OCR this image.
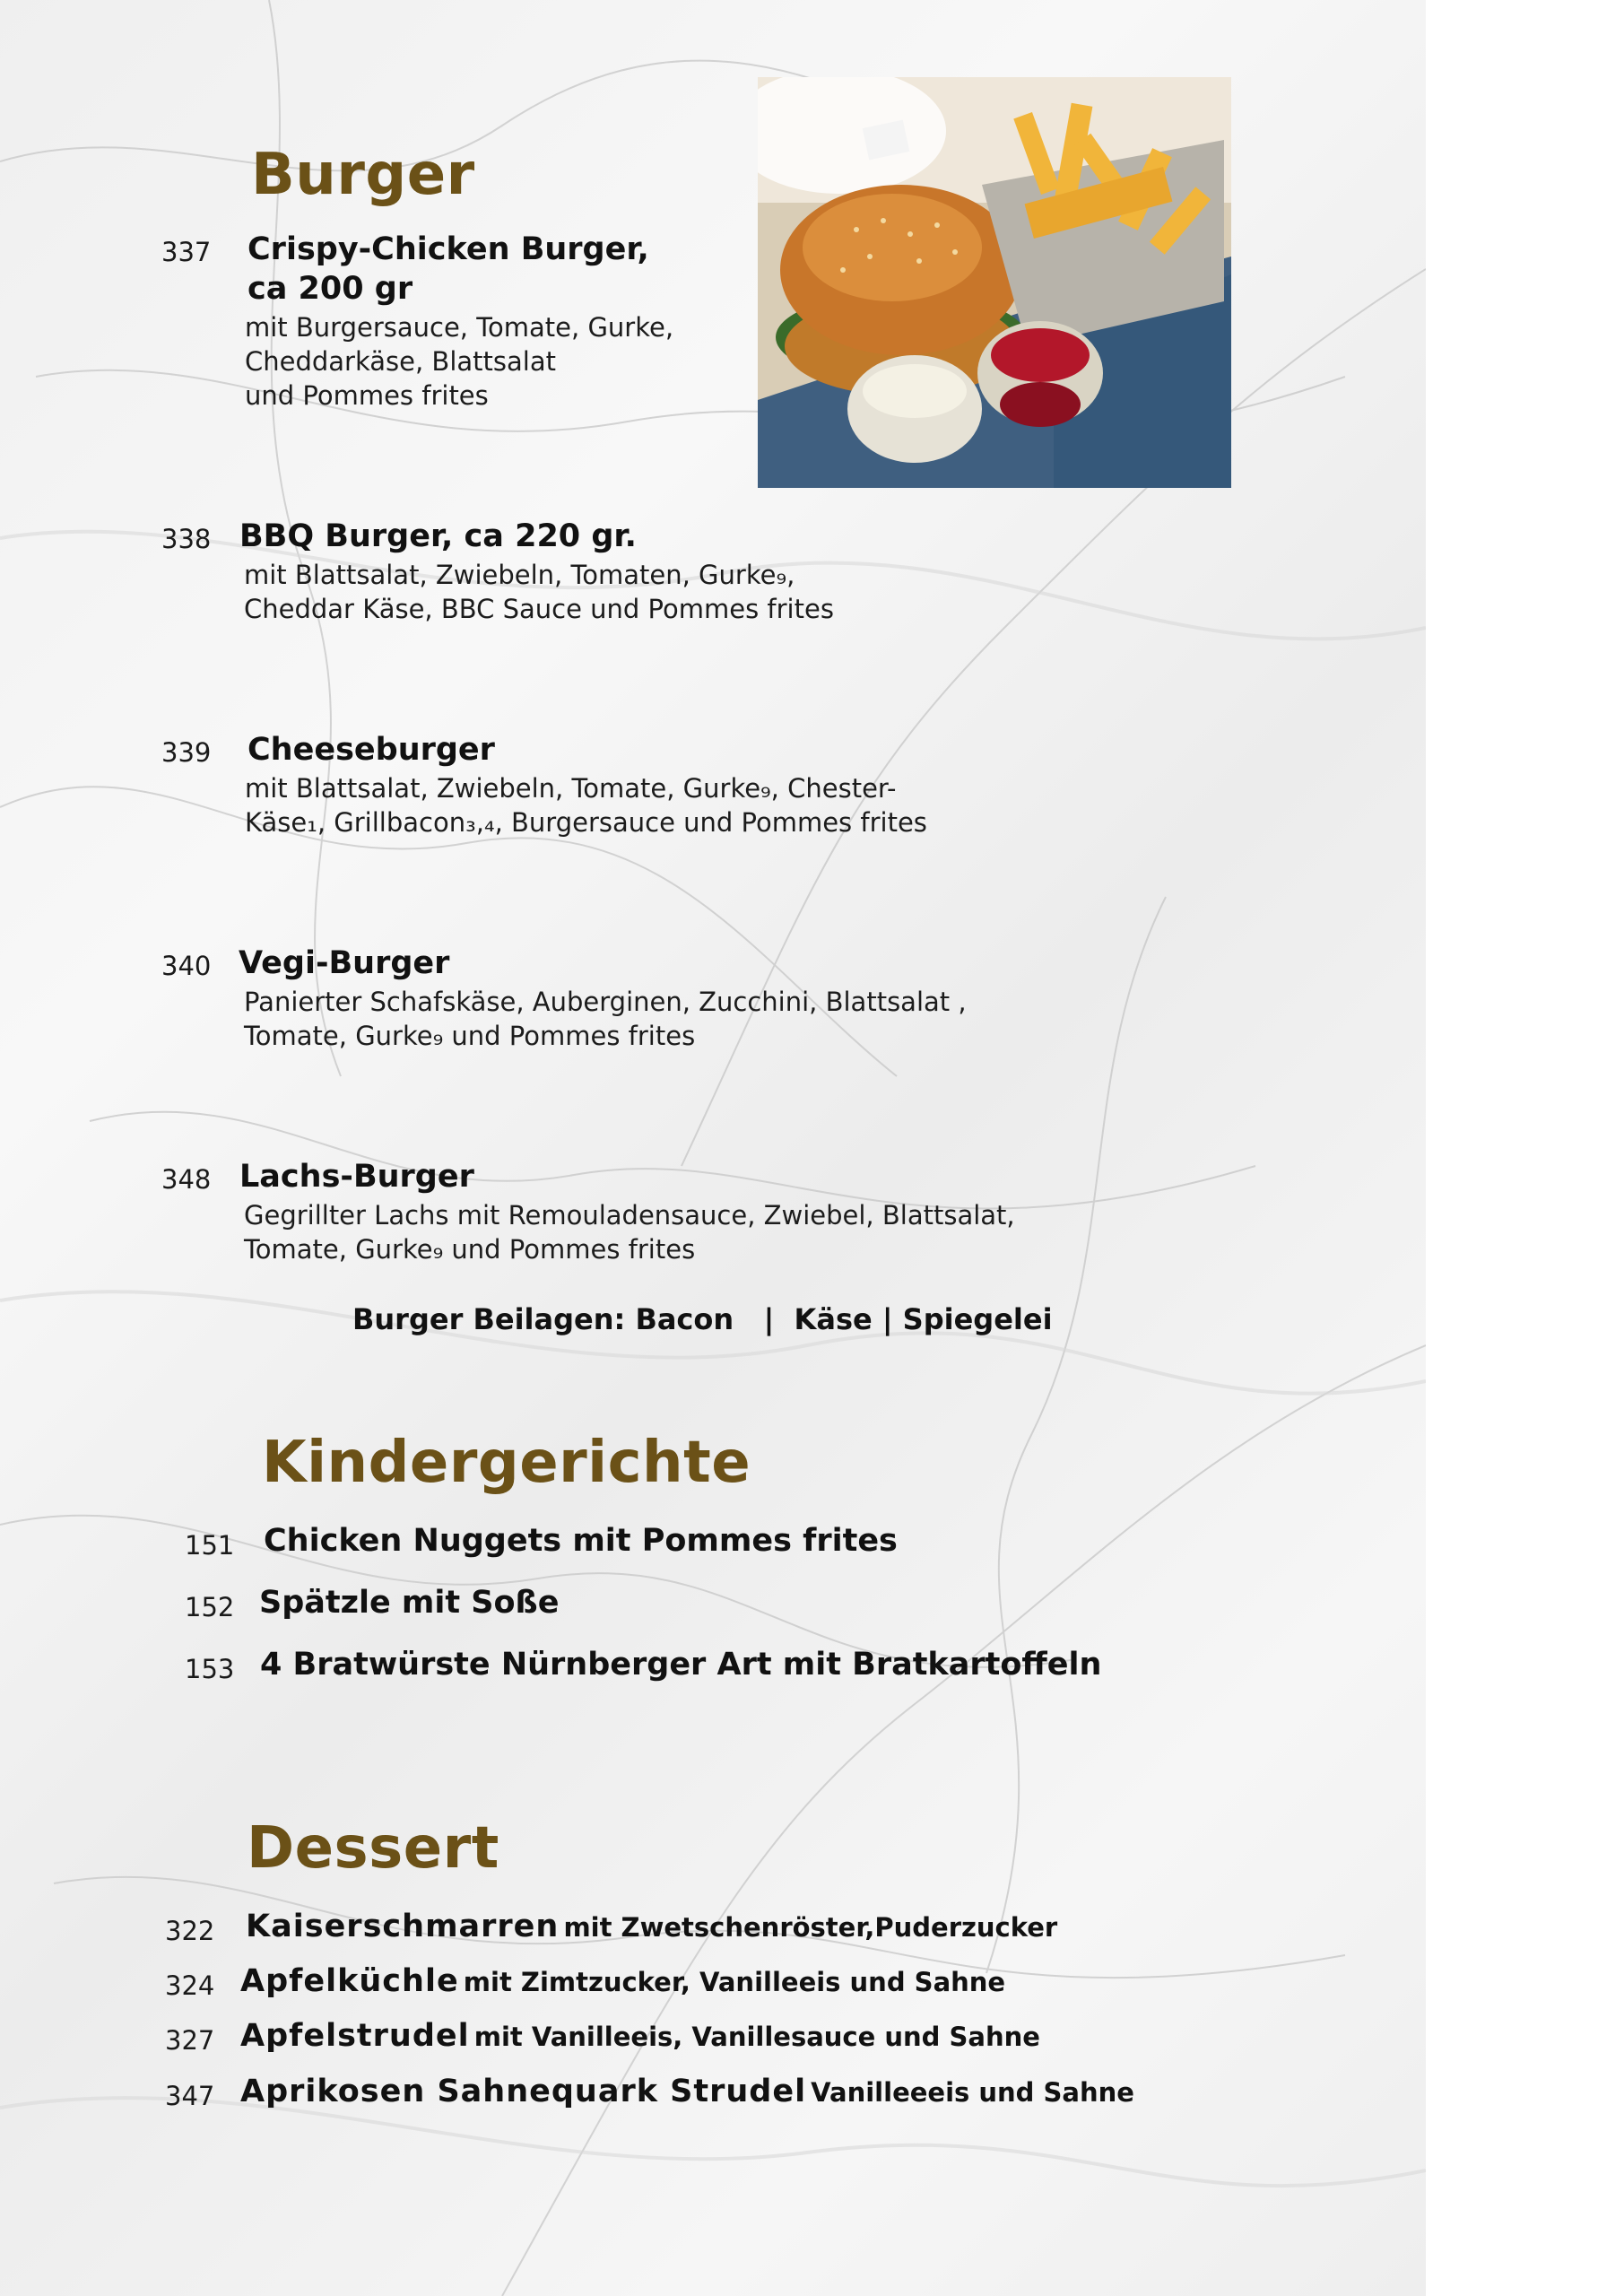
Burger
337 Crispy-Chicken Burger,
ca 200 gr
mit Burgersauce, Tomate, Gurke,
Cheddarkäse, Blattsalat
und Pommes frites
338 BBQ Burger, ca 220 gr.
mit Blattsalat, Zwiebeln, Tomaten, Gurke₉,
Cheddar Käse, BBC Sauce und Pommes frites
339 Cheeseburger
mit Blattsalat, Zwiebeln, Tomate, Gurke₉, Chester-
Käse₁, Grillbacon₃,₄, Burgersauce und Pommes frites
340 Vegi-Burger
Panierter Schafskäse, Auberginen, Zucchini, Blattsalat ,
Tomate, Gurke₉ und Pommes frites
348 Lachs-Burger
Gegrillter Lachs mit Remouladensauce, Zwiebel, Blattsalat,
Tomate, Gurke₉ und Pommes frites
Burger Beilagen: Bacon   |  Käse | Spiegelei
Kindergerichte
151 Chicken Nuggets mit Pommes frites
152 Spätzle mit Soße
153 4 Bratwürste Nürnberger Art mit Bratkartoffeln
Dessert
322 Kaiserschmarren mit Zwetschenröster,Puderzucker
324 Apfelküchle mit Zimtzucker, Vanilleeis und Sahne
327 Apfelstrudel mit Vanilleeis, Vanillesauce und Sahne
347 Aprikosen Sahnequark Strudel Vanilleeeis und Sahne
